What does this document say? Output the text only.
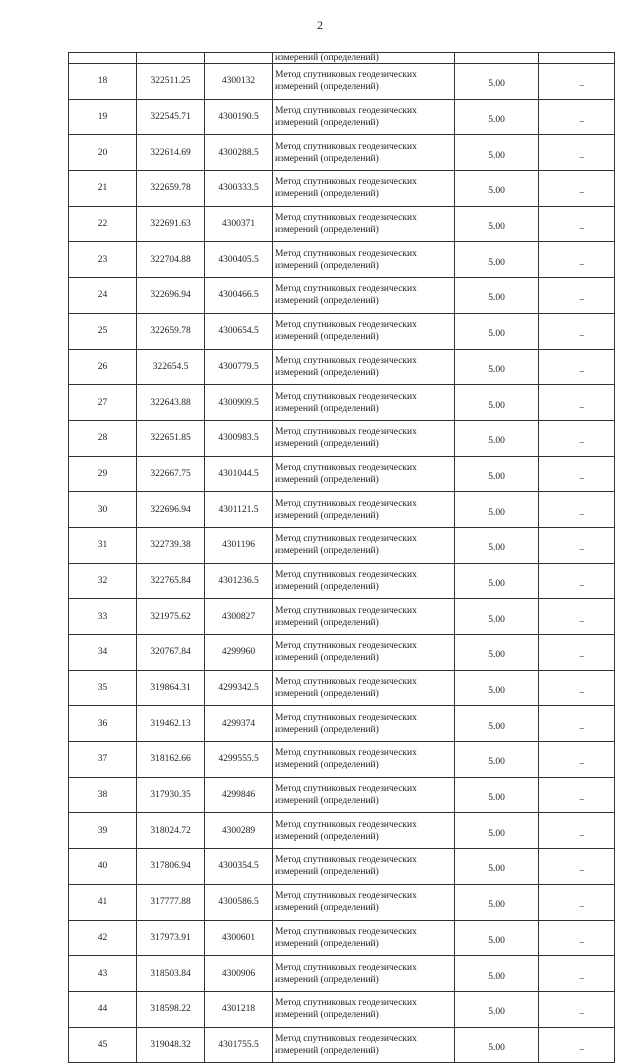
2
			измерений (определений)		
18	322511.25	4300132	Метод спутниковых геодезических
измерений (определений)	5.00	–
19	322545.71	4300190.5	Метод спутниковых геодезических
измерений (определений)	5.00	–
20	322614.69	4300288.5	Метод спутниковых геодезических
измерений (определений)	5.00	–
21	322659.78	4300333.5	Метод спутниковых геодезических
измерений (определений)	5.00	–
22	322691.63	4300371	Метод спутниковых геодезических
измерений (определений)	5.00	–
23	322704.88	4300405.5	Метод спутниковых геодезических
измерений (определений)	5.00	–
24	322696.94	4300466.5	Метод спутниковых геодезических
измерений (определений)	5.00	–
25	322659.78	4300654.5	Метод спутниковых геодезических
измерений (определений)	5.00	–
26	322654.5	4300779.5	Метод спутниковых геодезических
измерений (определений)	5.00	–
27	322643.88	4300909.5	Метод спутниковых геодезических
измерений (определений)	5.00	–
28	322651.85	4300983.5	Метод спутниковых геодезических
измерений (определений)	5.00	–
29	322667.75	4301044.5	Метод спутниковых геодезических
измерений (определений)	5.00	–
30	322696.94	4301121.5	Метод спутниковых геодезических
измерений (определений)	5.00	–
31	322739.38	4301196	Метод спутниковых геодезических
измерений (определений)	5.00	–
32	322765.84	4301236.5	Метод спутниковых геодезических
измерений (определений)	5.00	–
33	321975.62	4300827	Метод спутниковых геодезических
измерений (определений)	5.00	–
34	320767.84	4299960	Метод спутниковых геодезических
измерений (определений)	5.00	–
35	319864.31	4299342.5	Метод спутниковых геодезических
измерений (определений)	5.00	–
36	319462.13	4299374	Метод спутниковых геодезических
измерений (определений)	5.00	–
37	318162.66	4299555.5	Метод спутниковых геодезических
измерений (определений)	5.00	–
38	317930.35	4299846	Метод спутниковых геодезических
измерений (определений)	5.00	–
39	318024.72	4300289	Метод спутниковых геодезических
измерений (определений)	5.00	–
40	317806.94	4300354.5	Метод спутниковых геодезических
измерений (определений)	5.00	–
41	317777.88	4300586.5	Метод спутниковых геодезических
измерений (определений)	5.00	–
42	317973.91	4300601	Метод спутниковых геодезических
измерений (определений)	5.00	–
43	318503.84	4300906	Метод спутниковых геодезических
измерений (определений)	5.00	–
44	318598.22	4301218	Метод спутниковых геодезических
измерений (определений)	5.00	–
45	319048.32	4301755.5	Метод спутниковых геодезических
измерений (определений)	5.00	–
